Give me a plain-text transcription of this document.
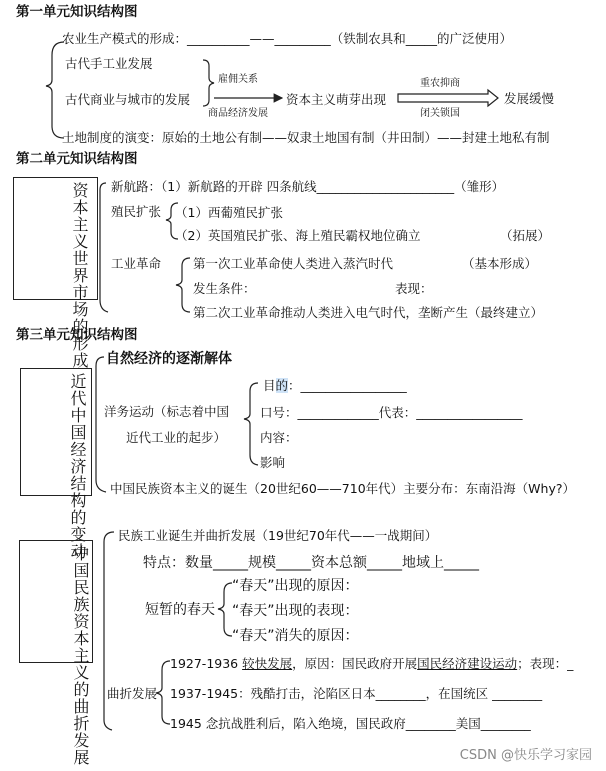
第一单元知识结构图
农业生产模式的形成：__________——_________（铁制农具和_____的广泛使用）
古代手工业发展
古代商业与城市的发展
雇佣关系
商品经济发展
资本主义萌芽出现
重农抑商
闭关锁国
发展缓慢
土地制度的演变：原始的土地公有制——奴隶土地国有制（井田制）——封建土地私有制
第二单元知识结构图
资本主义世界市场的形成 新航路：（1）新航路的开辟 四条航线______________________（雏形）
殖民扩张 （1）西葡殖民扩张
（2）英国殖民扩张、海上殖民霸权地位确立	（拓展）
工业革命	第一次工业革命使人类进入蒸汽时代	（基本形成）
发生条件：	表现：
第二次工业革命推动人类进入电气时代，垄断产生（最终建立）
第三单元知识结构图
近代中国经济结构的变动
自然经济的逐渐解体
洋务运动（标志着中国
近代工业的起步）
目的：_________________
口号：_____________代表：_________________
内容：
影响
中国民族资本主义的诞生（20世纪60——710年代）主要分布：东南沿海（Why?）
中国民族资本主义的曲折发展
民族工业诞生并曲折发展（19世纪70年代——一战期间）
特点：数量_____规模_____资本总额_____地域上_____
短暂的春天
“春天”出现的原因：
“春天”出现的表现：
“春天”消失的原因：
曲折发展
1927-1936 较快发展，原因：国民政府开展国民经济建设运动；表现：_
1937-1945：残酷打击，沦陷区日本________，在国统区 ________
1945 念抗战胜利后，陷入绝境，国民政府________美国________
CSDN @快乐学习家园
